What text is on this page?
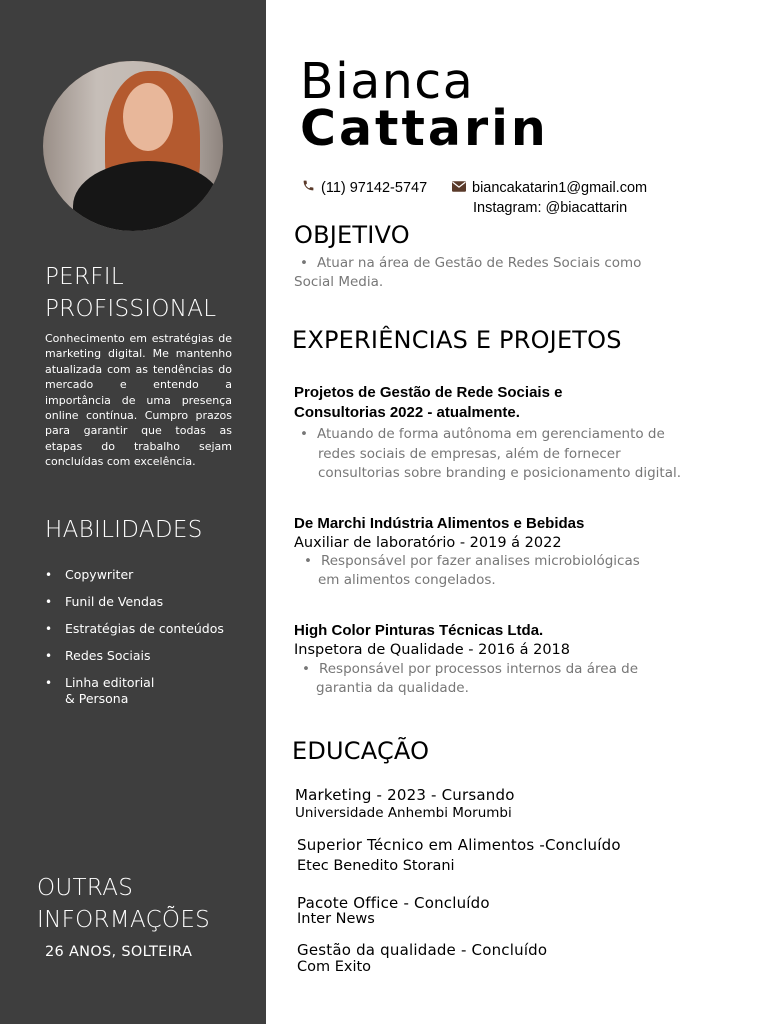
PERFIL
PROFISSIONAL

Conhecimento em estratégias de marketing digital. Me mantenho atualizada com as tendências do mercado e entendo a importância de uma presença online contínua. Cumpro prazos para garantir que todas as etapas do trabalho sejam concluídas com excelência.

HABILIDADES
• Copywriter
• Funil de Vendas
• Estratégias de conteúdos
• Redes Sociais
• Linha editorial
& Persona
OUTRAS
INFORMAÇÕES
26 ANOS, SOLTEIRA
Bianca
Cattarin
(11) 97142-5747	biancakatarin1@gmail.com
Instagram: @biacattarin
OBJETIVO
• Atuar na área de Gestão de Redes Sociais como
Social Media.
EXPERIÊNCIAS E PROJETOS
Projetos de Gestão de Rede Sociais e
Consultorias 2022 - atualmente.
• Atuando de forma autônoma em gerenciamento de
redes sociais de empresas, além de fornecer
consultorias sobre branding e posicionamento digital.
De Marchi Indústria Alimentos e Bebidas
Auxiliar de laboratório - 2019 á 2022
• Responsável por fazer analises microbiológicas
em alimentos congelados.
High Color Pinturas Técnicas Ltda.
Inspetora de Qualidade - 2016 á 2018
• Responsável por processos internos da área de
garantia da qualidade.
EDUCAÇÃO
Marketing - 2023 - Cursando
Universidade Anhembi Morumbi
Superior Técnico em Alimentos -Concluído
Etec Benedito Storani
Pacote Office - Concluído
Inter News
Gestão da qualidade - Concluído
Com Exito
